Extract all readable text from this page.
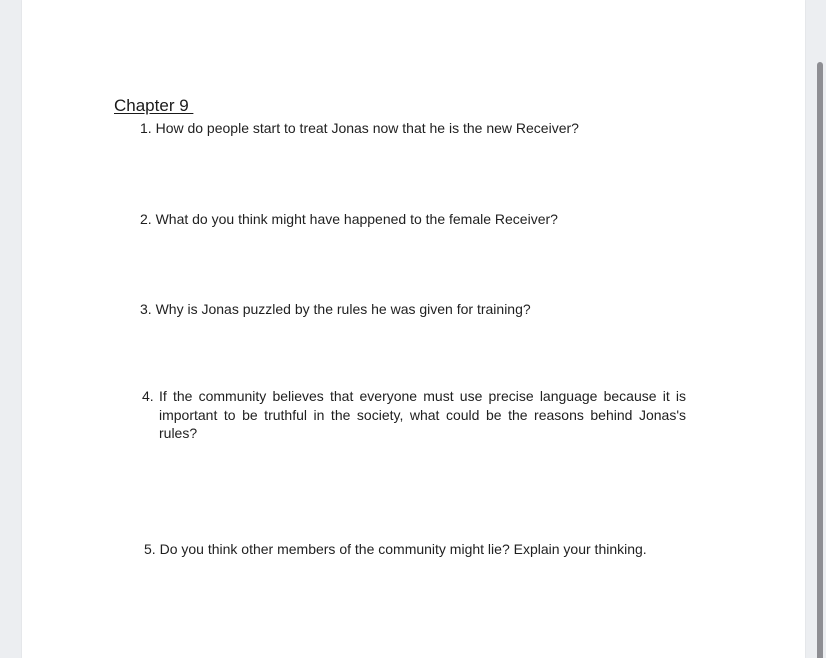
Chapter 9
1. How do people start to treat Jonas now that he is the new Receiver?
2. What do you think might have happened to the female Receiver?
3. Why is Jonas puzzled by the rules he was given for training?
4. If the community believes that everyone must use precise language because it is important to be truthful in the society, what could be the reasons behind Jonas's rules?
5. Do you think other members of the community might lie? Explain your thinking.
